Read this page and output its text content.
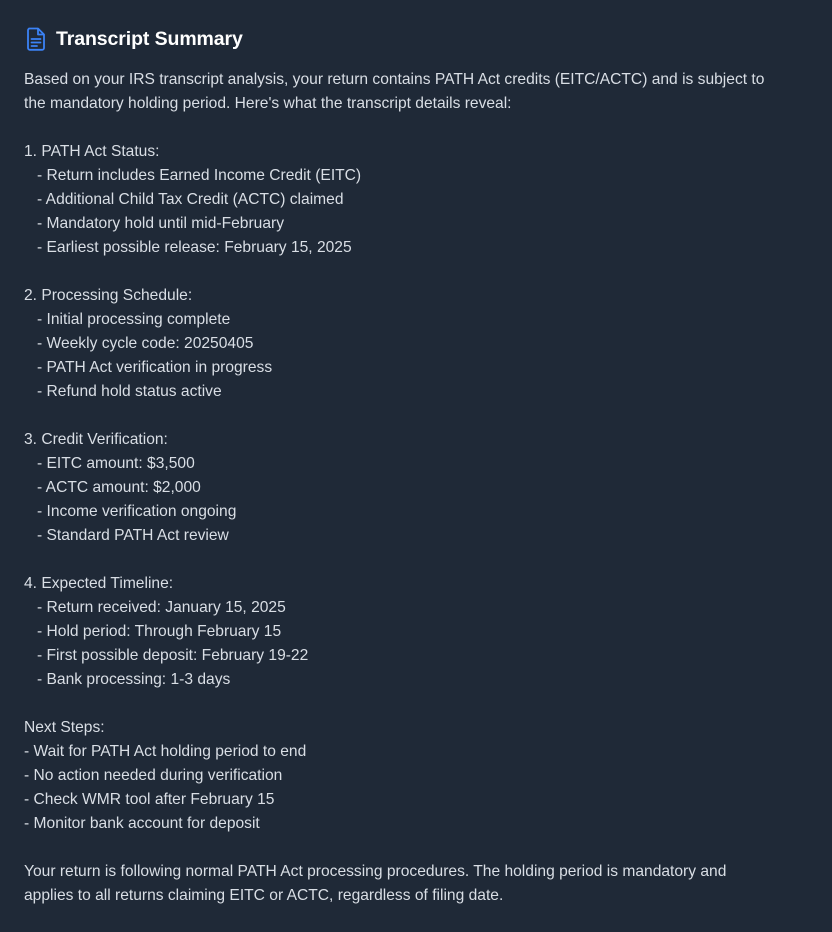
Transcript Summary
Based on your IRS transcript analysis, your return contains PATH Act credits (EITC/ACTC) and is subject to
the mandatory holding period. Here's what the transcript details reveal:
1. PATH Act Status:
- Return includes Earned Income Credit (EITC)
- Additional Child Tax Credit (ACTC) claimed
- Mandatory hold until mid-February
- Earliest possible release: February 15, 2025
2. Processing Schedule:
- Initial processing complete
- Weekly cycle code: 20250405
- PATH Act verification in progress
- Refund hold status active
3. Credit Verification:
- EITC amount: $3,500
- ACTC amount: $2,000
- Income verification ongoing
- Standard PATH Act review
4. Expected Timeline:
- Return received: January 15, 2025
- Hold period: Through February 15
- First possible deposit: February 19-22
- Bank processing: 1-3 days
Next Steps:
- Wait for PATH Act holding period to end
- No action needed during verification
- Check WMR tool after February 15
- Monitor bank account for deposit
Your return is following normal PATH Act processing procedures. The holding period is mandatory and
applies to all returns claiming EITC or ACTC, regardless of filing date.
